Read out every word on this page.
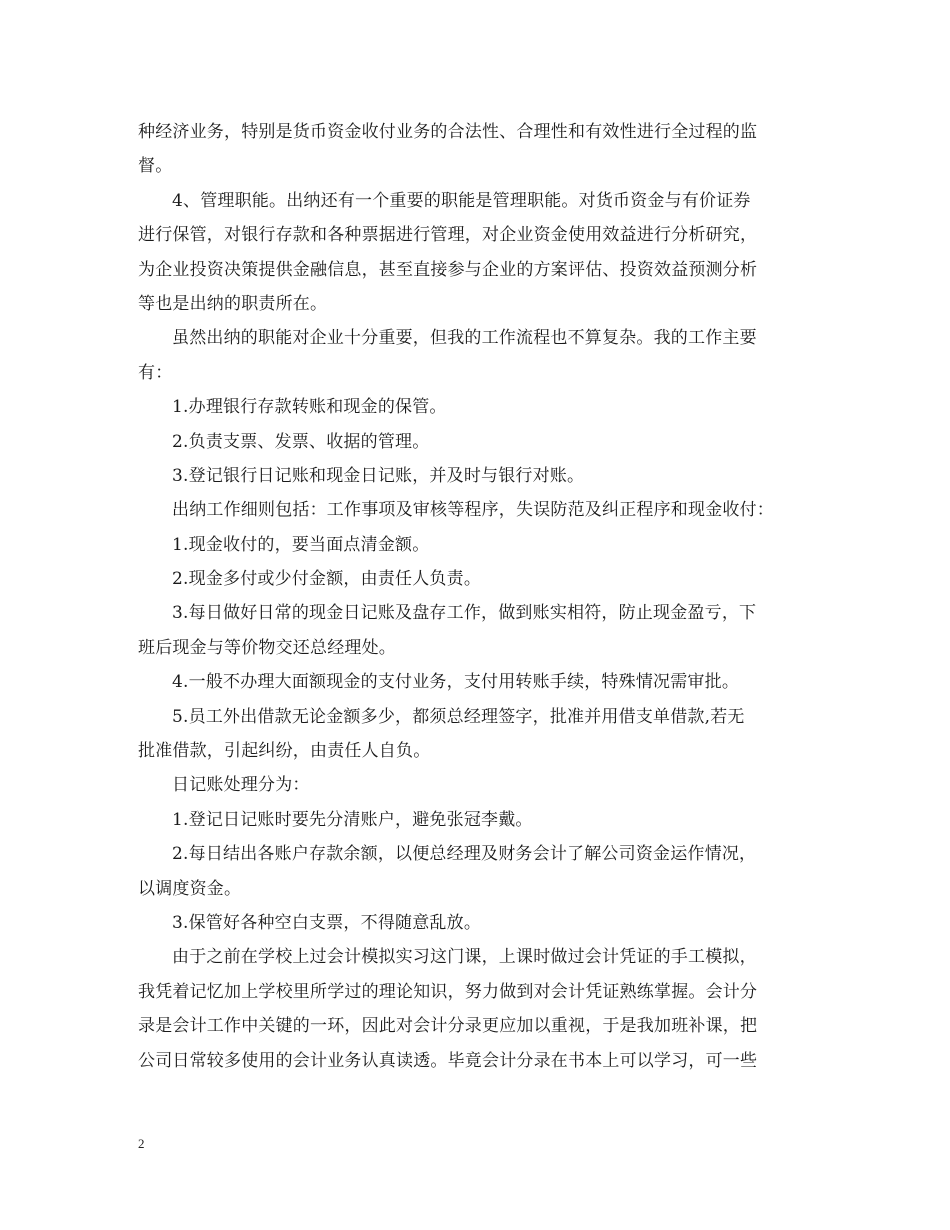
种经济业务，特别是货币资金收付业务的合法性、合理性和有效性进行全过程的监
督。
4、管理职能。出纳还有一个重要的职能是管理职能。对货币资金与有价证券
进行保管，对银行存款和各种票据进行管理，对企业资金使用效益进行分析研究，
为企业投资决策提供金融信息，甚至直接参与企业的方案评估、投资效益预测分析
等也是出纳的职责所在。
虽然出纳的职能对企业十分重要，但我的工作流程也不算复杂。我的工作主要
有：
1.办理银行存款转账和现金的保管。
2.负责支票、发票、收据的管理。
3.登记银行日记账和现金日记账，并及时与银行对账。
出纳工作细则包括：工作事项及审核等程序，失误防范及纠正程序和现金收付：
1.现金收付的，要当面点清金额。
2.现金多付或少付金额，由责任人负责。
3.每日做好日常的现金日记账及盘存工作，做到账实相符，防止现金盈亏，下
班后现金与等价物交还总经理处。
4.一般不办理大面额现金的支付业务，支付用转账手续，特殊情况需审批。
5.员工外出借款无论金额多少，都须总经理签字，批准并用借支单借款,若无
批准借款，引起纠纷，由责任人自负。
日记账处理分为：
1.登记日记账时要先分清账户，避免张冠李戴。
2.每日结出各账户存款余额，以便总经理及财务会计了解公司资金运作情况，
以调度资金。
3.保管好各种空白支票，不得随意乱放。
由于之前在学校上过会计模拟实习这门课，上课时做过会计凭证的手工模拟，
我凭着记忆加上学校里所学过的理论知识，努力做到对会计凭证熟练掌握。会计分
录是会计工作中关键的一环，因此对会计分录更应加以重视，于是我加班补课，把
公司日常较多使用的会计业务认真读透。毕竟会计分录在书本上可以学习，可一些
2
